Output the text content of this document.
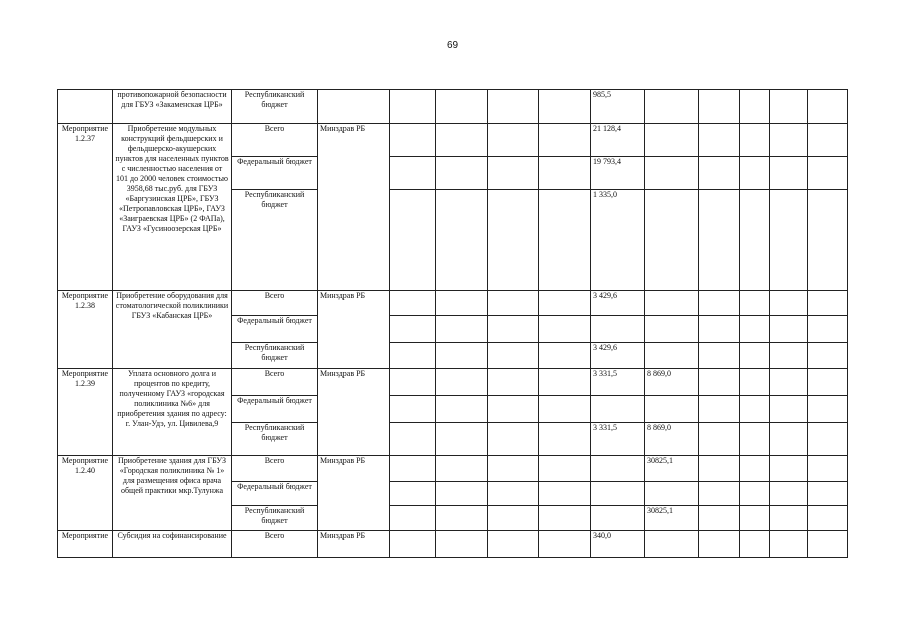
69
	противопожарной безопасности для ГБУЗ «Закаменская ЦРБ»	Республиканский бюджет						985,5					
Мероприятие 1.2.37	Приобретение модульных конструкций фельдшерских и фельдшерско-акушерских пунктов для населенных пунктов с численностью населения от 101 до 2000 человек стоимостью 3958,68 тыс.руб. для ГБУЗ «Баргузинская ЦРБ», ГБУЗ «Петропавловская ЦРБ», ГАУЗ «Заиграевская ЦРБ» (2 ФАПа), ГАУЗ «Гусиноозерская ЦРБ»	Всего	Минздрав РБ					21 128,4					
		Федеральный бюджет						19 793,4					
		Республиканский бюджет						1 335,0					
Мероприятие 1.2.38	Приобретение оборудования для стоматологической поликлиники ГБУЗ «Кабанская ЦРБ»	Всего	Минздрав РБ					3 429,6					
		Федеральный бюджет											
		Республиканский бюджет						3 429,6					
Мероприятие 1.2.39	Уплата основного долга и процентов по кредиту, полученному ГАУЗ «городская поликлиника №6» для приобретения здания по адресу: г. Улан-Удэ, ул. Цивилева,9	Всего	Минздрав РБ					3 331,5	8 869,0				
		Федеральный бюджет											
		Республиканский бюджет						3 331,5	8 869,0				
Мероприятие 1.2.40	Приобретение здания для ГБУЗ «Городская поликлиника № 1» для размещения офиса врача общей практики мкр.Тулунжа	Всего	Минздрав РБ						30825,1				
		Федеральный бюджет											
		Республиканский бюджет							30825,1				
Мероприятие	Субсидия на софинансирование	Всего	Минздрав РБ					340,0					
